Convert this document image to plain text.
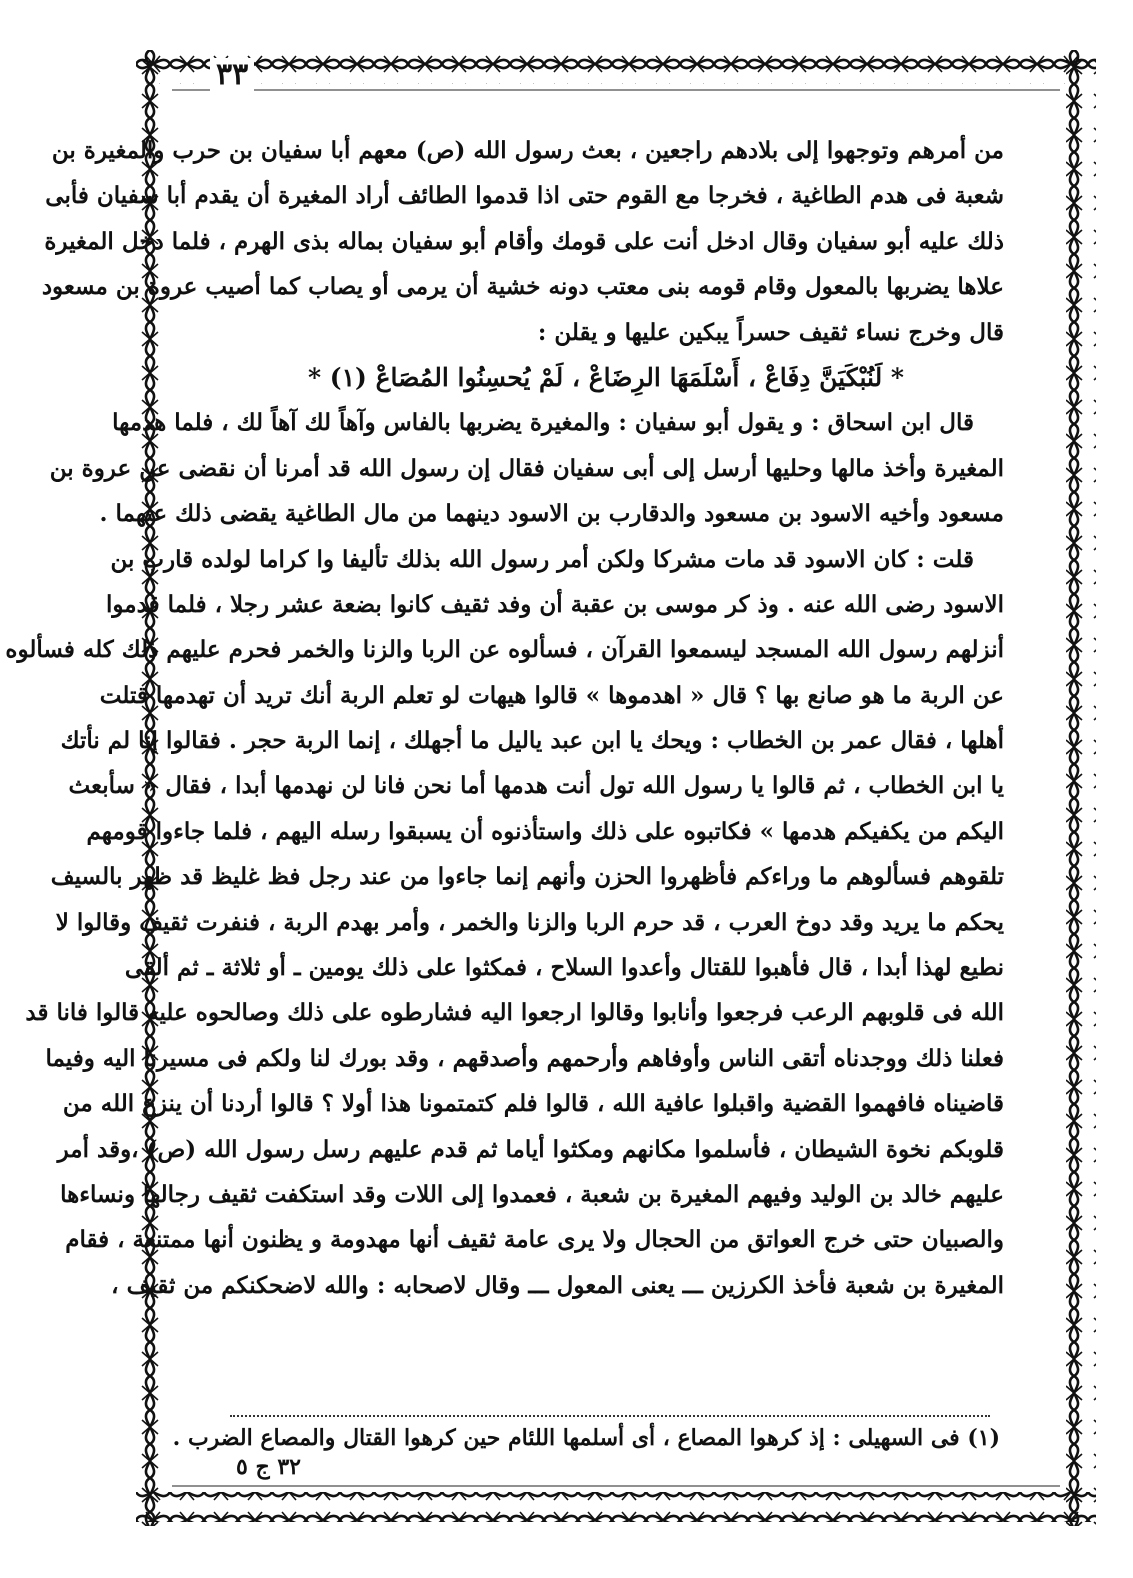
٣٣
من أمرهم وتوجهوا إلى بلادهم راجعين ، بعث رسول الله (ص) معهم أبا سفيان بن حرب والمغيرة بن
شعبة فى هدم الطاغية ، فخرجا مع القوم حتى اذا قدموا الطائف أراد المغيرة أن يقدم أبا سفيان فأبى
ذلك عليه أبو سفيان وقال ادخل أنت على قومك وأقام أبو سفيان بماله بذى الهرم ، فلما دخل المغيرة
علاها يضربها بالمعول وقام قومه بنى معتب دونه خشية أن يرمى أو يصاب كما أصيب عروة بن مسعود
قال وخرج نساء ثقيف حسراً يبكين عليها و يقلن :
* لَنُبْكَيَنَّ دِفَاعْ ، أَسْلَمَهَا الرِضَاعْ ، لَمْ يُحسِنُوا المُصَاعْ (١) *
قال ابن اسحاق : و يقول أبو سفيان : والمغيرة يضربها بالفاس وآهاً لك آهاً لك ، فلما هدمها
المغيرة وأخذ مالها وحليها أرسل إلى أبى سفيان فقال إن رسول الله قد أمرنا أن نقضى عن عروة بن
مسعود وأخيه الاسود بن مسعود والدقارب بن الاسود دينهما من مال الطاغية يقضى ذلك عنهما .
قلت : كان الاسود قد مات مشركا ولكن أمر رسول الله بذلك تأليفا وا كراما لولده قارب بن
الاسود رضى الله عنه . وذ كر موسى بن عقبة أن وفد ثقيف كانوا بضعة عشر رجلا ، فلما قدموا
أنزلهم رسول الله المسجد ليسمعوا القرآن ، فسألوه عن الربا والزنا والخمر فحرم عليهم ذلك كله فسألوه
عن الربة ما هو صانع بها ؟ قال « اهدموها » قالوا هيهات لو تعلم الربة أنك تريد أن تهدمها قتلت
أهلها ، فقال عمر بن الخطاب : ويحك يا ابن عبد ياليل ما أجهلك ، إنما الربة حجر . فقالوا إنا لم نأتك
يا ابن الخطاب ، ثم قالوا يا رسول الله تول أنت هدمها أما نحن فانا لن نهدمها أبدا ، فقال « سأبعث
اليكم من يكفيكم هدمها » فكاتبوه على ذلك واستأذنوه أن يسبقوا رسله اليهم ، فلما جاءوا قومهم
تلقوهم فسألوهم ما وراءكم فأظهروا الحزن وأنهم إنما جاءوا من عند رجل فظ غليظ قد ظهر بالسيف
يحكم ما يريد وقد دوخ العرب ، قد حرم الربا والزنا والخمر ، وأمر بهدم الربة ، فنفرت ثقيف وقالوا لا
نطيع لهذا أبدا ، قال فأهبوا للقتال وأعدوا السلاح ، فمكثوا على ذلك يومين ـ أو ثلاثة ـ ثم ألقى
الله فى قلوبهم الرعب فرجعوا وأنابوا وقالوا ارجعوا اليه فشارطوه على ذلك وصالحوه عليه قالوا فانا قد
فعلنا ذلك ووجدناه أتقى الناس وأوفاهم وأرحمهم وأصدقهم ، وقد بورك لنا ولكم فى مسيرنا اليه وفيما
قاضيناه فافهموا القضية واقبلوا عافية الله ، قالوا فلم كتمتمونا هذا أولا ؟ قالوا أردنا أن ينزع الله من
قلوبكم نخوة الشيطان ، فأسلموا مكانهم ومكثوا أياما ثم قدم عليهم رسل رسول الله (ص) ،وقد أمر
عليهم خالد بن الوليد وفيهم المغيرة بن شعبة ، فعمدوا إلى اللات وقد استكفت ثقيف رجالها ونساءها
والصبيان حتى خرج العواتق من الحجال ولا يرى عامة ثقيف أنها مهدومة و يظنون أنها ممتنعة ، فقام
المغيرة بن شعبة فأخذ الكرزين ـــ يعنى المعول ـــ وقال لاصحابه : والله لاضحكنكم من ثقيف ،
(١) فى السهيلى : إذ كرهوا المصاع ، أى أسلمها اللئام حين كرهوا القتال والمصاع الضرب .
٣٢ ج ٥
